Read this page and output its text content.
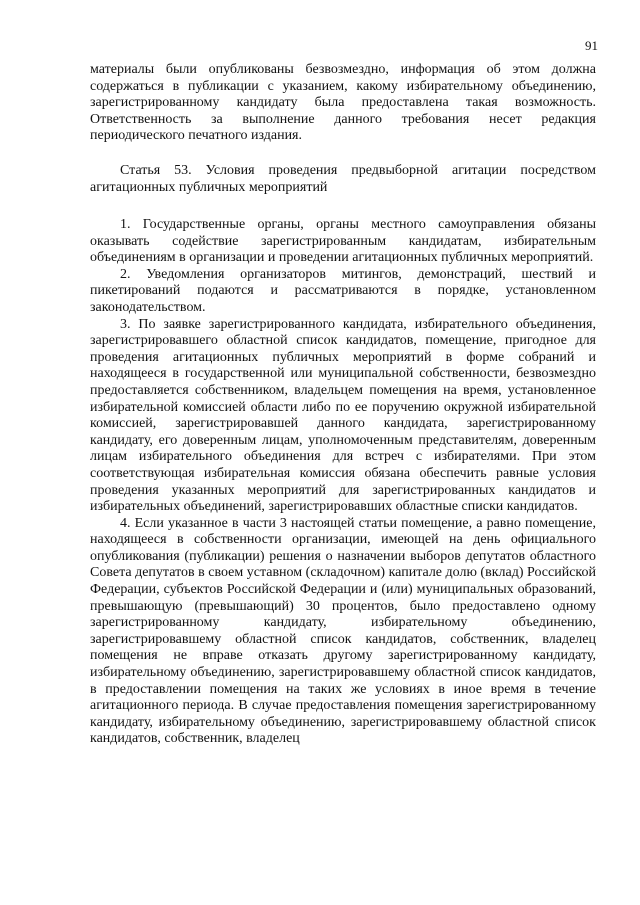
91

материалы были опубликованы безвозмездно, информация об этом должна содержаться в публикации с указанием, какому избирательному объединению, зарегистрированному кандидату была предоставлена такая возможность. Ответственность за выполнение данного требования несет редакция периодического печатного издания.

Статья 53. Условия проведения предвыборной агитации посредством агитационных публичных мероприятий

1. Государственные органы, органы местного самоуправления обязаны оказывать содействие зарегистрированным кандидатам, избирательным объединениям в организации и проведении агитационных публичных мероприятий.

2. Уведомления организаторов митингов, демонстраций, шествий и пикетирований подаются и рассматриваются в порядке, установленном законодательством.

3. По заявке зарегистрированного кандидата, избирательного объединения, зарегистрировавшего областной список кандидатов, помещение, пригодное для проведения агитационных публичных мероприятий в форме собраний и находящееся в государственной или муниципальной собственности, безвозмездно предоставляется собственником, владельцем помещения на время, установленное избирательной комиссией области либо по ее поручению окружной избирательной комиссией, зарегистрировавшей данного кандидата, зарегистрированному кандидату, его доверенным лицам, уполномоченным представителям, доверенным лицам избирательного объединения для встреч с избирателями. При этом соответствующая избирательная комиссия обязана обеспечить равные условия проведения указанных мероприятий для зарегистрированных кандидатов и избирательных объединений, зарегистрировавших областные списки кандидатов.

4. Если указанное в части 3 настоящей статьи помещение, а равно помещение, находящееся в собственности организации, имеющей на день официального опубликования (публикации) решения о назначении выборов депутатов областного Совета депутатов в своем уставном (складочном) капитале долю (вклад) Российской Федерации, субъектов Российской Федерации и (или) муниципальных образований, превышающую (превышающий) 30 процентов, было предоставлено одному зарегистрированному кандидату, избирательному объединению, зарегистрировавшему областной список кандидатов, собственник, владелец помещения не вправе отказать другому зарегистрированному кандидату, избирательному объединению, зарегистрировавшему областной список кандидатов, в предоставлении помещения на таких же условиях в иное время в течение агитационного периода. В случае предоставления помещения зарегистрированному кандидату, избирательному объединению, зарегистрировавшему областной список кандидатов, собственник, владелец
